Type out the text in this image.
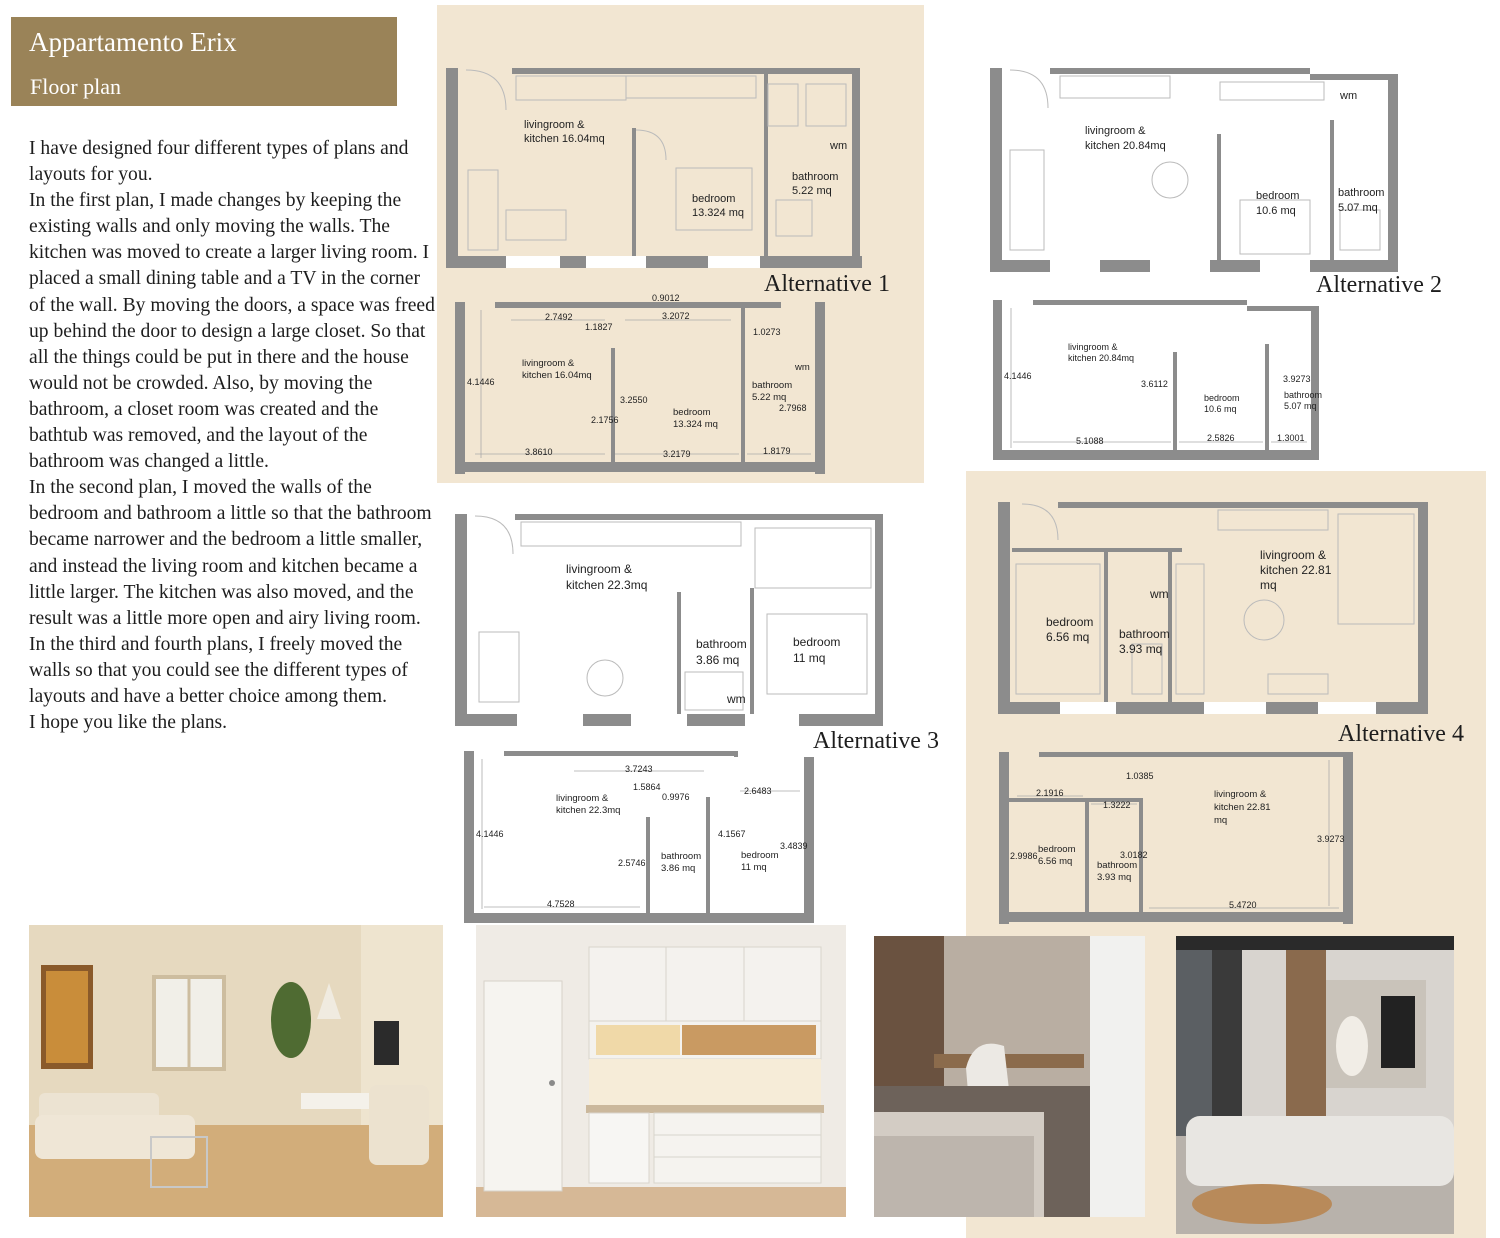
Appartamento Erix
Floor plan

I have designed four different types of plans and layouts for you.

In the first plan, I made changes by keeping the existing walls and only moving the walls. The kitchen was moved to create a larger living room. I placed a small dining table and a TV in the corner of the wall. By moving the doors, a space was freed up behind the door to design a large closet. So that all the things could be put in there and the house would not be crowded. Also, by moving the bathroom, a closet room was created and the bathtub was removed, and the layout of the bathroom was changed a little.

In the second plan, I moved the walls of the bedroom and bathroom a little so that the bathroom became narrower and the bedroom a little smaller, and instead the living room and kitchen became a little larger. The kitchen was also moved, and the result was a little more open and airy living room.

In the third and fourth plans, I freely moved the walls so that you could see the different types of layouts and have a better choice among them.

I hope you like the plans.

livingroom &
kitchen 16.04mq
bedroom
13.324 mq
bathroom
5.22 mq
wm
Alternative 1
livingroom &
kitchen 16.04mq
bedroom
13.324 mq
bathroom
5.22 mq
wm
0.9012
2.7492
1.1827
3.2072
1.0273
4.1446
3.2550
2.1756
2.7968
3.8610	3.2179	1.8179
livingroom &
kitchen 20.84mq
bedroom
10.6 mq
bathroom
5.07 mq
wm
Alternative 2
livingroom &
kitchen 20.84mq
bedroom
10.6 mq
bathroom
5.07 mq
4.1446
3.6112	3.9273
5.1088	2.5826	1.3001
livingroom &
kitchen 22.3mq
bathroom
3.86 mq
bedroom
11 mq
wm
Alternative 3
livingroom &
kitchen 22.3mq
bathroom
3.86 mq
bedroom
11 mq
3.7243
1.5864
0.9976
2.6483
4.1446	4.1567
3.4839
2.5746
4.7528
livingroom &
kitchen 22.81
mq
bedroom
6.56 mq bathroom
3.93 mq
wm
Alternative 4
livingroom &
kitchen 22.81
mq
bedroom
6.56 mq	bathroom
3.93 mq
1.0385
2.1916
1.3222
2.9986	3.0182
3.9273
5.4720
